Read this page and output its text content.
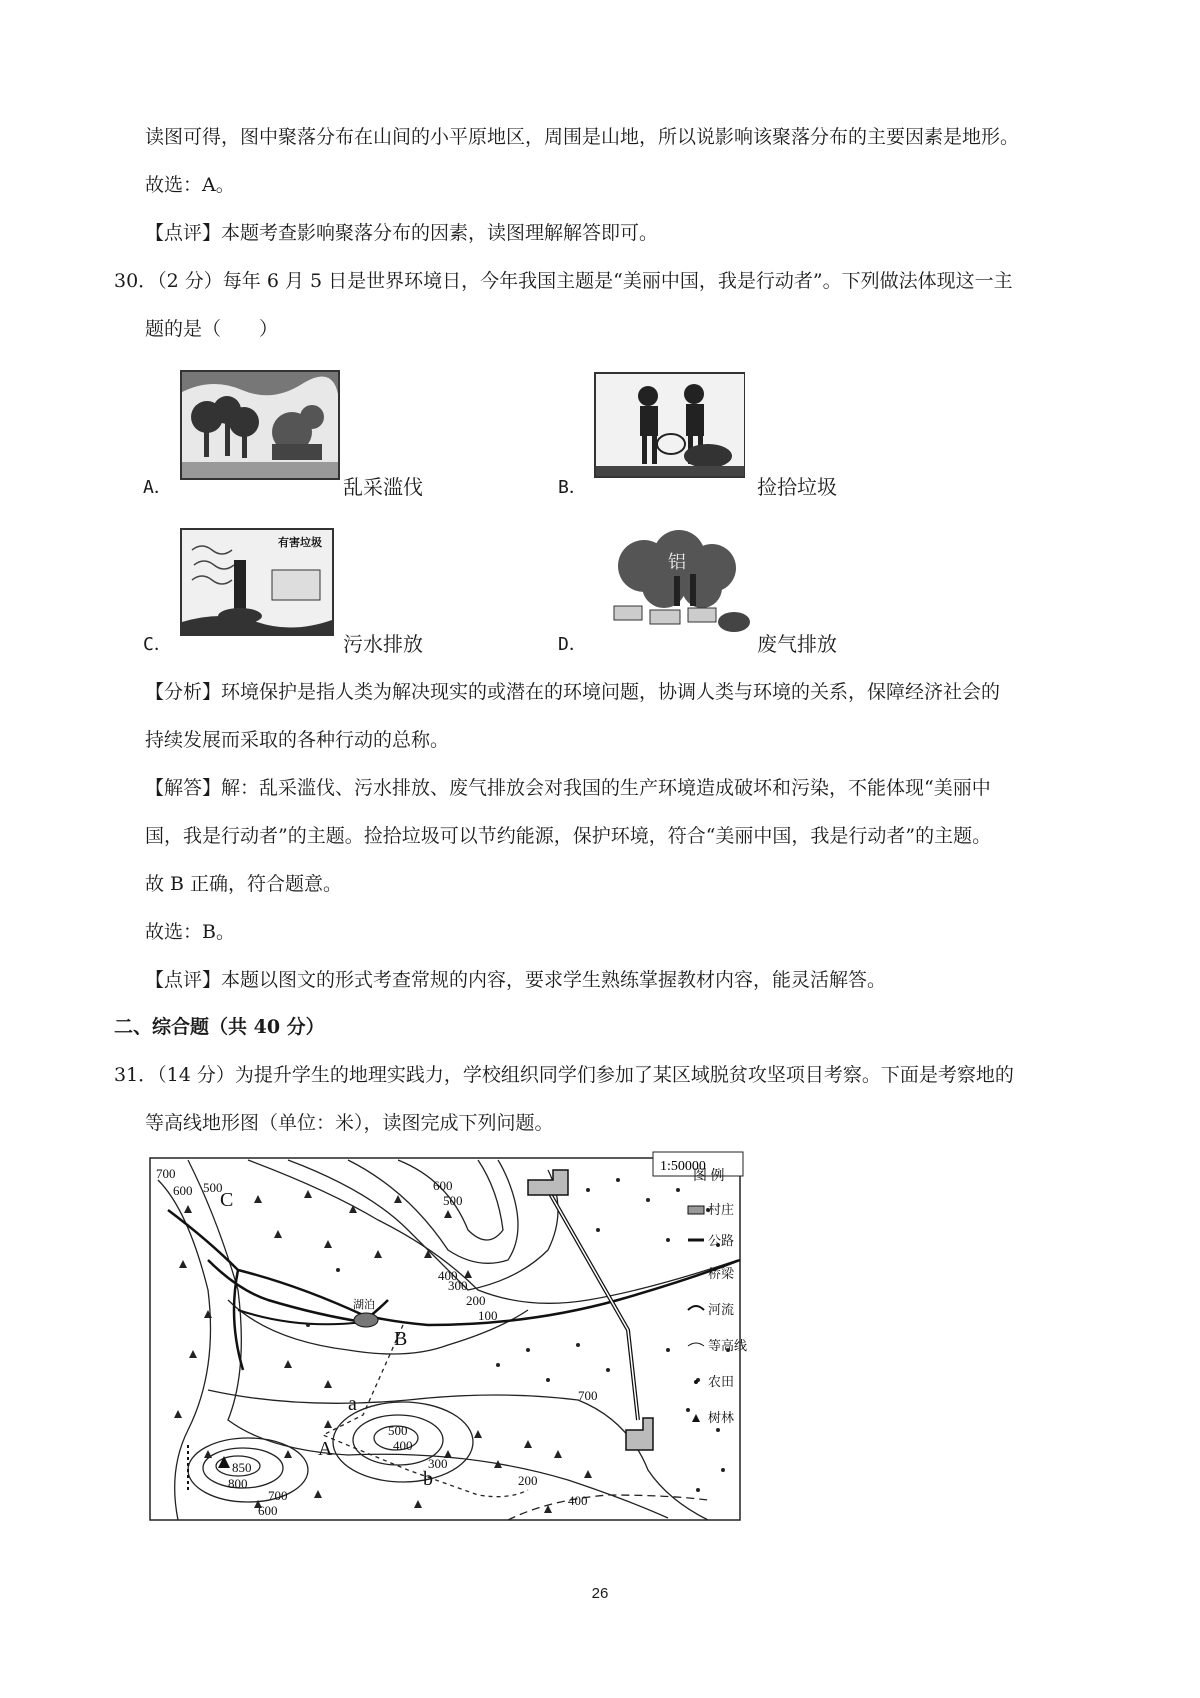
读图可得，图中聚落分布在山间的小平原地区，周围是山地，所以说影响该聚落分布的主要因素是地形。
故选：A。
【点评】本题考查影响聚落分布的因素，读图理解解答即可。
30．（2 分）每年 6 月 5 日是世界环境日，今年我国主题是“美丽中国，我是行动者”。下列做法体现这一主
题的是（　　）
A．	乱采滥伐	B．	捡拾垃圾
有害垃圾
C．	污水排放
铝
D．	废气排放
【分析】环境保护是指人类为解决现实的或潜在的环境问题，协调人类与环境的关系，保障经济社会的
持续发展而采取的各种行动的总称。
【解答】解：乱采滥伐、污水排放、废气排放会对我国的生产环境造成破坏和污染，不能体现“美丽中
国，我是行动者”的主题。捡拾垃圾可以节约能源，保护环境，符合“美丽中国，我是行动者”的主题。
故 B 正确，符合题意。
故选：B。
【点评】本题以图文的形式考查常规的内容，要求学生熟练掌握教材内容，能灵活解答。
二、综合题（共 40 分）
31．（14 分）为提升学生的地理实践力，学校组织同学们参加了某区域脱贫攻坚项目考察。下面是考察地的
等高线地形图（单位：米），读图完成下列问题。
1:50000
湖泊
700
600 500
400
300
200
100
850
800
700
600
500
400
300
200
700
600
500
400
A
B
C
a
b
图 例
村庄
公路
桥梁
河流
等高线
农田
树林
26
